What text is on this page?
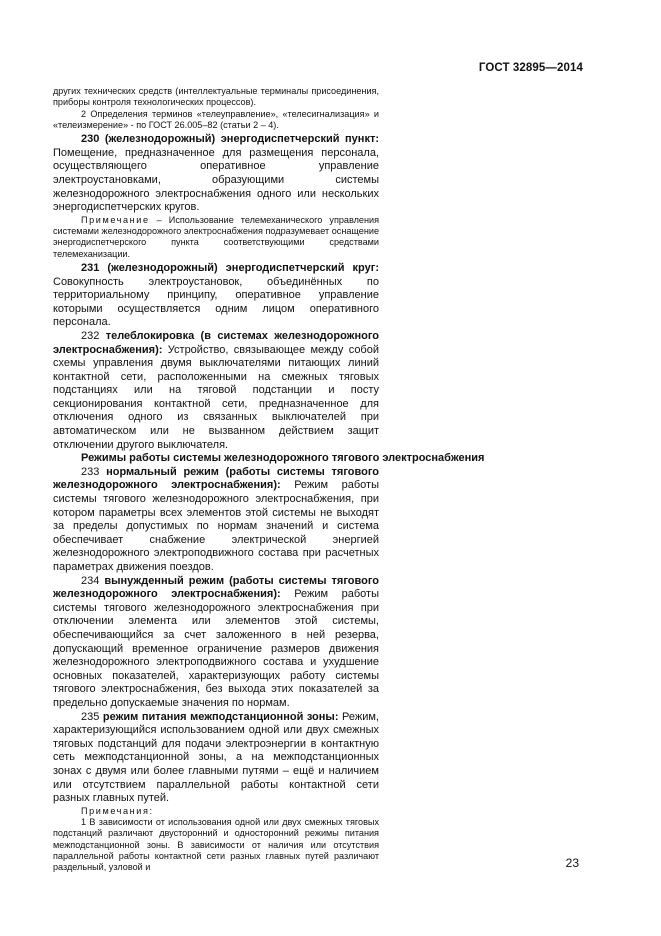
ГОСТ 32895—2014

других технических средств (интеллектуальные терминалы присоединения, приборы контроля технологических процессов).

2 Определения терминов «телеуправление», «телесигнализация» и «телеизмерение» - по ГОСТ 26.005–82 (статьи 2 – 4).

230 (железнодорожный) энергодиспетчерский пункт: Помещение, предназначенное для размещения персонала, осуществляющего оперативное управление электроустановками, образующими системы железнодорожного электроснабжения одного или нескольких энергодиспетчерских кругов.

Примечание – Использование телемеханического управления системами железнодорожного электроснабжения подразумевает оснащение энергодиспетчерского пункта соответствующими средствами телемеханизации.

231 (железнодорожный) энергодиспетчерский круг: Совокупность электроустановок, объединённых по территориальному принципу, оперативное управление которыми осуществляется одним лицом оперативного персонала.

232 телеблокировка (в системах железнодорожного электроснабжения): Устройство, связывающее между собой схемы управления двумя выключателями питающих линий контактной сети, расположенными на смежных тяговых подстанциях или на тяговой подстанции и посту секционирования контактной сети, предназначенное для отключения одного из связанных выключателей при автоматическом или не вызванном действием защит отключении другого выключателя.

Режимы работы системы железнодорожного тягового электроснабжения

233 нормальный режим (работы системы тягового железнодорожного электроснабжения): Режим работы системы тягового железнодорожного электроснабжения, при котором параметры всех элементов этой системы не выходят за пределы допустимых по нормам значений и система обеспечивает снабжение электрической энергией железнодорожного электроподвижного состава при расчетных параметрах движения поездов.

234 вынужденный режим (работы системы тягового железнодорожного электроснабжения): Режим работы системы тягового железнодорожного электроснабжения при отключении элемента или элементов этой системы, обеспечивающийся за счет заложенного в ней резерва, допускающий временное ограничение размеров движения железнодорожного электроподвижного состава и ухудшение основных показателей, характеризующих работу системы тягового электроснабжения, без выхода этих показателей за предельно допускаемые значения по нормам.

235 режим питания межподстанционной зоны: Режим, характеризующийся использованием одной или двух смежных тяговых подстанций для подачи электроэнергии в контактную сеть межподстанционной зоны, а на межподстанционных зонах с двумя или более главными путями – ещё и наличием или отсутствием параллельной работы контактной сети разных главных путей.

Примечания:

1 В зависимости от использования одной или двух смежных тяговых подстанций различают двусторонний и односторонний режимы питания межподстанционной зоны. В зависимости от наличия или отсутствия параллельной работы контактной сети разных главных путей различают раздельный, узловой и	23
